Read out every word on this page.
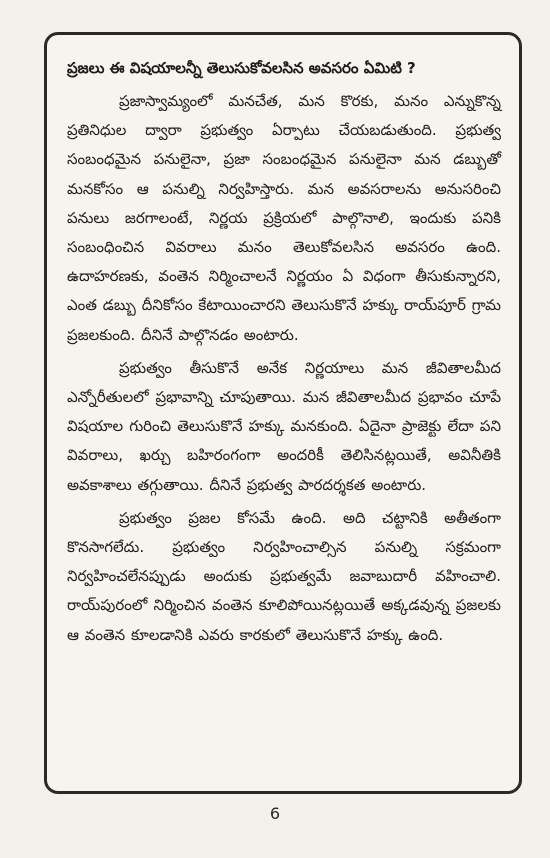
ప్రజలు ఈ విషయాలన్నీ తెలుసుకోవలసిన అవసరం ఏమిటి ?

ప్రజాస్వామ్యంలో మనచేత, మన కొరకు, మనం ఎన్నుకొన్న ప్రతినిధుల ద్వారా ప్రభుత్వం ఏర్పాటు చేయబడుతుంది. ప్రభుత్వ సంబంధమైన పనులైనా, ప్రజా సంబంధమైన పనులైనా మన డబ్బుతో మనకోసం ఆ పనుల్ని నిర్వహిస్తారు. మన అవసరాలను అనుసరించి పనులు జరగాలంటే, నిర్ణయ ప్రక్రియలో పాల్గొనాలి, ఇందుకు పనికి సంబంధించిన వివరాలు మనం తెలుకోవలసిన అవసరం ఉంది. ఉదాహరణకు, వంతెన నిర్మించాలనే నిర్ణయం ఏ విధంగా తీసుకున్నారని, ఎంత డబ్బు దీనికోసం కేటాయించారని తెలుసుకొనే హక్కు రాయ్‌పూర్ గ్రామ ప్రజలకుంది. దీనినే పాల్గొనడం అంటారు.

ప్రభుత్వం తీసుకొనే అనేక నిర్ణయాలు మన జీవితాలమీద ఎన్నోరీతులలో ప్రభావాన్ని చూపుతాయి. మన జీవితాలమీద ప్రభావం చూపే విషయాల గురించి తెలుసుకొనే హక్కు మనకుంది. ఏదైనా ప్రాజెక్టు లేదా పని వివరాలు, ఖర్చు బహిరంగంగా అందరికీ తెలిసినట్లయితే, అవినీతికి అవకాశాలు తగ్గుతాయి. దీనినే ప్రభుత్వ పారదర్శకత అంటారు.

ప్రభుత్వం ప్రజల కోసమే ఉంది. అది చట్టానికి అతీతంగా కొనసాగలేదు. ప్రభుత్వం నిర్వహించాల్సిన పనుల్ని సక్రమంగా నిర్వహించలేనప్పుడు అందుకు ప్రభుత్వమే జవాబుదారీ వహించాలి. రాయ్‌పురంలో నిర్మించిన వంతెన కూలిపోయినట్లయితే అక్కడవున్న ప్రజలకు ఆ వంతెన కూలడానికి ఎవరు కారకులో తెలుసుకొనే హక్కు ఉంది.

6
